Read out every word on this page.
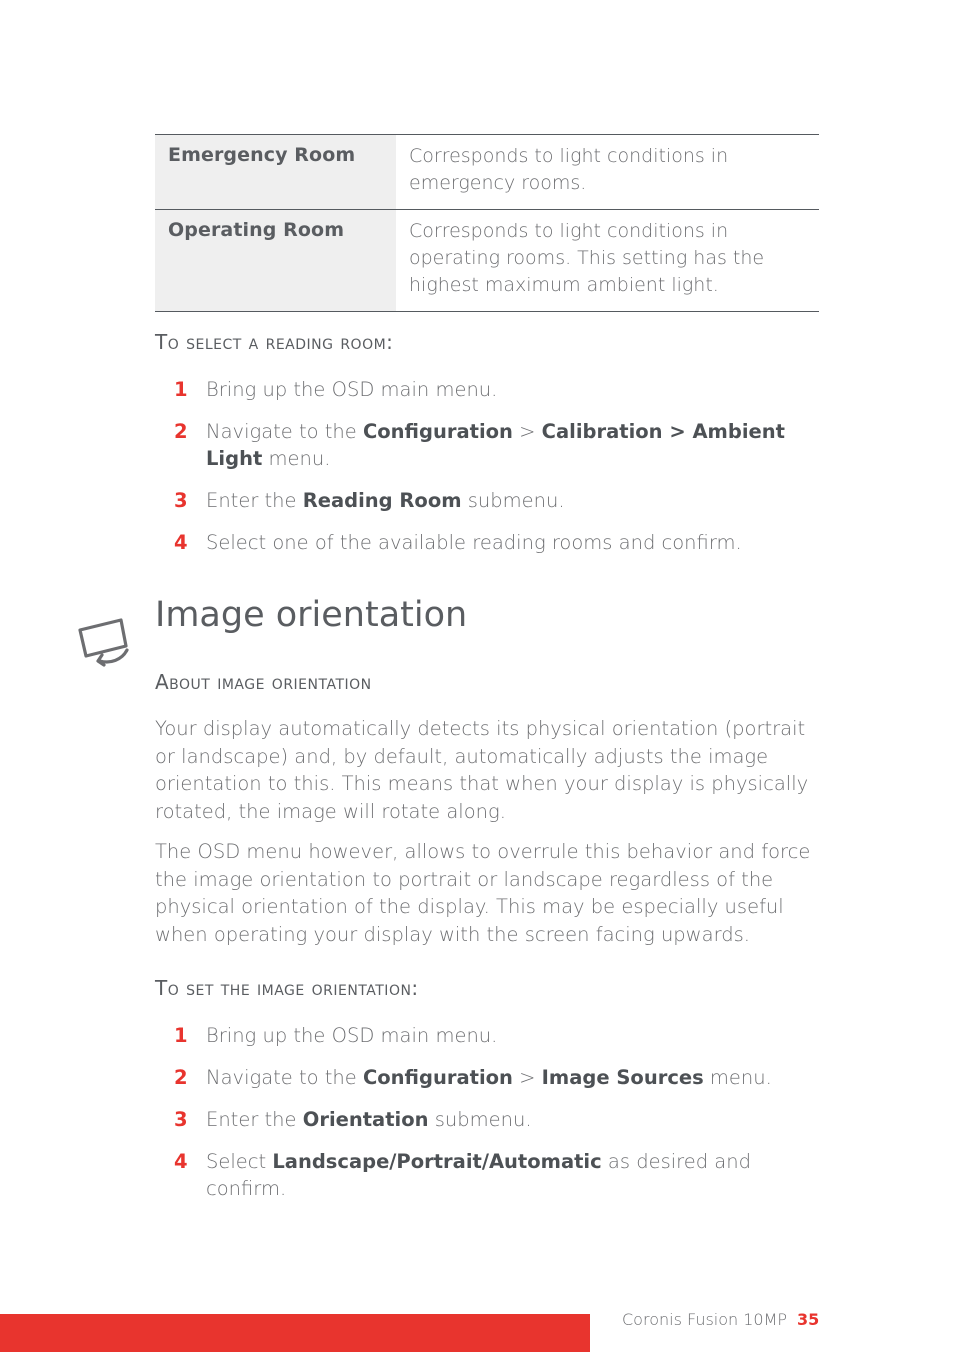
Emergency Room	Corresponds to light conditions in emergency rooms.
Operating Room	Corresponds to light conditions in operating rooms. This setting has the highest maximum ambient light.
To select a reading room:
1 Bring up the OSD main menu.
2 Navigate to the Configuration > Calibration > Ambient Light menu.
3 Enter the Reading Room submenu.
4 Select one of the available reading rooms and confirm.
Image orientation
About image orientation

Your display automatically detects its physical orientation (portrait or landscape) and, by default, automatically adjusts the image orientation to this. This means that when your display is physically rotated, the image will rotate along.

The OSD menu however, allows to overrule this behavior and force the image orientation to portrait or landscape regardless of the physical orientation of the display. This may be especially useful when operating your display with the screen facing upwards.

To set the image orientation:
1 Bring up the OSD main menu.
2 Navigate to the Configuration > Image Sources menu.
3 Enter the Orientation submenu.
4 Select Landscape/Portrait/Automatic as desired and confirm.
Coronis Fusion 10MP 35
